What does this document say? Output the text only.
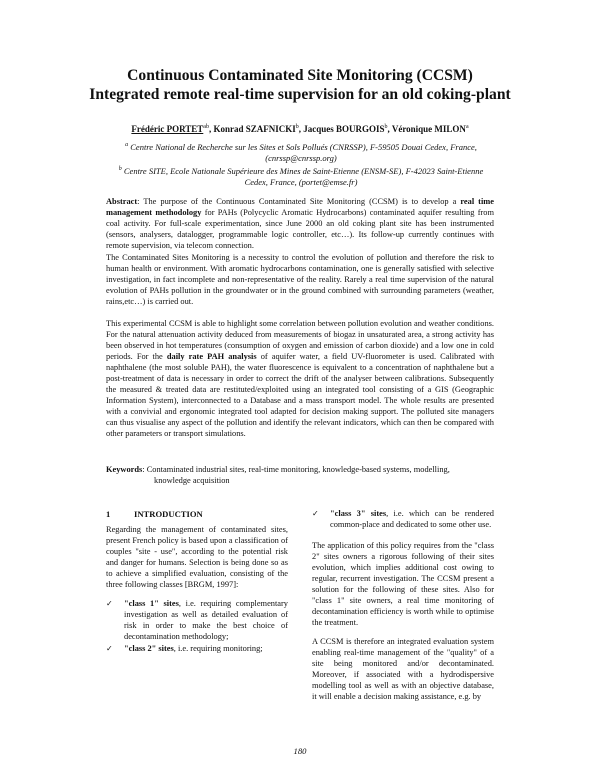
Continuous Contaminated Site Monitoring (CCSM)
Integrated remote real-time supervision for an old coking-plant
Frédéric $PORTET^{ab}$, Konrad SZAFNICKI$^b$, Jacques BOURGOIS$^b$, Véronique MILON$^a$
$^a$ Centre National de Recherche sur les Sites et Sols Pollués (CNRSSP), F-59505 Douai Cedex, France, (cnrssp@cnrssp.org)
$^b$ Centre SITE, Ecole Nationale Supérieure des Mines de Saint-Etienne (ENSM-SE), F-42023 Saint-Etienne Cedex, France, (portet@emse.fr)
Abstract: The purpose of the Continuous Contaminated Site Monitoring (CCSM) is to develop a real time management methodology for PAHs (Polycyclic Aromatic Hydrocarbons) contaminated aquifer resulting from coal activity. For full-scale experimentation, since June 2000 an old coking plant site has been instrumented (sensors, analysers, datalogger, programmable logic controller, etc…). Its follow-up currently continues with remote supervision, via telecom connection.
The Contaminated Sites Monitoring is a necessity to control the evolution of pollution and therefore the risk to human health or environment. With aromatic hydrocarbons contamination, one is generally satisfied with selective investigation, in fact incomplete and non-representative of the reality. Rarely a real time supervision of the natural evolution of PAHs pollution in the groundwater or in the ground combined with surrounding parameters (weather, rains,etc…) is carried out.
This experimental CCSM is able to highlight some correlation between pollution evolution and weather conditions. For the natural attenuation activity deduced from measurements of biogaz in unsaturated area, a strong activity has been observed in hot temperatures (consumption of oxygen and emission of carbon dioxide) and a low one in cold periods. For the daily rate PAH analysis of aquifer water, a field UV-fluorometer is used. Calibrated with naphthalene (the most soluble PAH), the water fluorescence is equivalent to a concentration of naphthalene but a post-treatment of data is necessary in order to correct the drift of the analyser between calibrations. Subsequently the measured & treated data are restituted/exploited using an integrated tool consisting of a GIS (Geographic Information System), interconnected to a Database and a mass transport model. The whole results are presented with a convivial and ergonomic integrated tool adapted for decision making support. The polluted site managers can thus visualise any aspect of the pollution and identify the relevant indicators, which can then be compared with other parameters or transport simulations.
Keywords: Contaminated industrial sites, real-time monitoring, knowledge-based systems, modelling,
knowledge acquisition
1	INTRODUCTION

Regarding the management of contaminated sites, present French policy is based upon a classification of couples "site - use", according to the potential risk and danger for humans. Selection is being done so as to achieve a simplified evaluation, consisting of the three following classes [BRGM, 1997]:

✓ "class 1" sites, i.e. requiring complementary investigation as well as detailed evaluation of risk in order to make the best choice of decontamination methodology;
✓ "class 2" sites, i.e. requiring monitoring;
✓ "class 3" sites, i.e. which can be rendered common-place and dedicated to some other use.

The application of this policy requires from the "class 2" sites owners a rigorous following of their sites evolution, which implies additional cost owing to regular, recurrent investigation. The CCSM present a solution for the following of these sites. Also for "class 1" site owners, a real time monitoring of decontamination efficiency is worth while to optimise the treatment.

A CCSM is therefore an integrated evaluation system enabling real-time management of the "quality" of a site being monitored and/or decontaminated. Moreover, if associated with a hydrodispersive modelling tool as well as with an objective database, it will enable a decision making assistance, e.g. by

180
